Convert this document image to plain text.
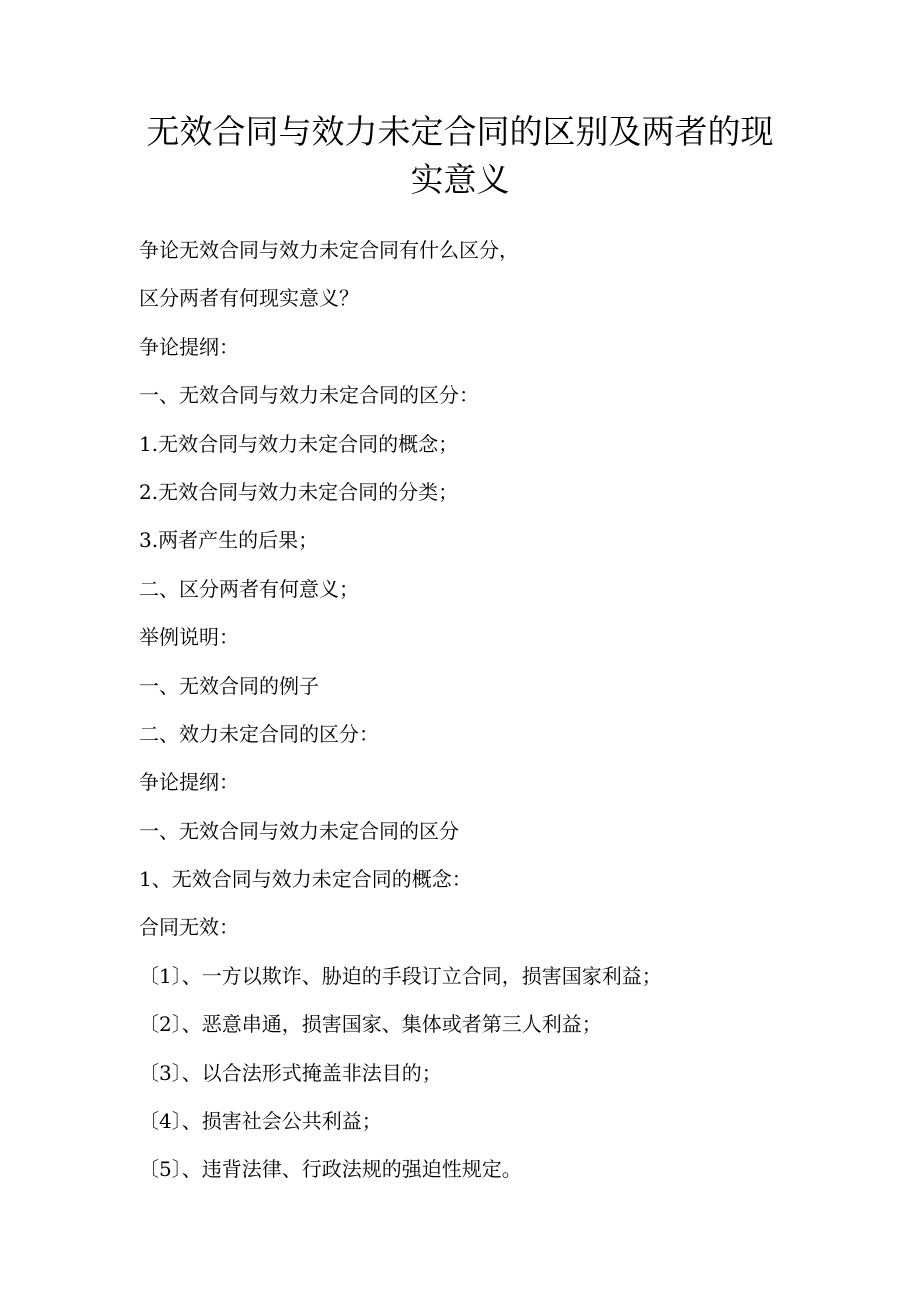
无效合同与效力未定合同的区别及两者的现
实意义

争论无效合同与效力未定合同有什么区分，

区分两者有何现实意义？

争论提纲：

一、无效合同与效力未定合同的区分：

1.无效合同与效力未定合同的概念；

2.无效合同与效力未定合同的分类；

3.两者产生的后果；

二、区分两者有何意义；

举例说明：

一、无效合同的例子

二、效力未定合同的区分：

争论提纲：

一、无效合同与效力未定合同的区分

1、无效合同与效力未定合同的概念：

合同无效：

〔1〕、一方以欺诈、胁迫的手段订立合同，损害国家利益；

〔2〕、恶意串通，损害国家、集体或者第三人利益；

〔3〕、以合法形式掩盖非法目的；

〔4〕、损害社会公共利益；

〔5〕、违背法律、行政法规的强迫性规定。
